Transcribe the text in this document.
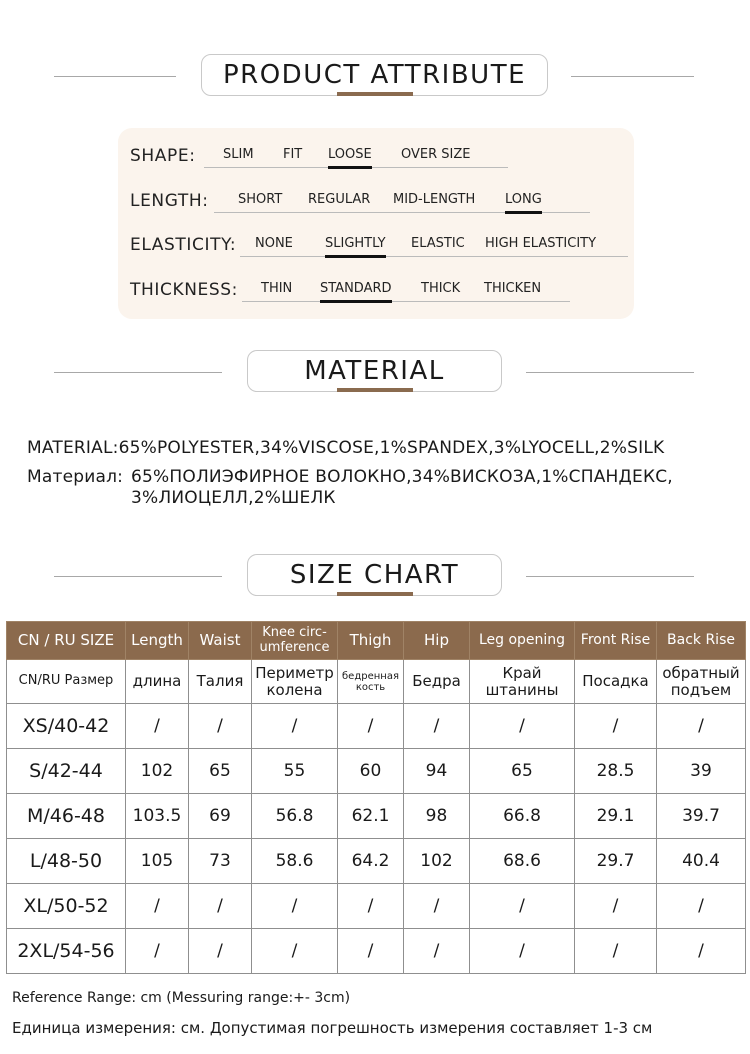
PRODUCT ATTRIBUTE
SHAPE: SLIM FIT LOOSE OVER SIZE
LENGTH: SHORT REGULAR MID-LENGTH LONG
ELASTICITY: NONE SLIGHTLY ELASTIC HIGH ELASTICITY
THICKNESS: THIN STANDARD THICK THICKEN
MATERIAL
MATERIAL:65%POLYESTER,34%VISCOSE,1%SPANDEX,3%LYOCELL,2%SILK
Материал: 65%ПОЛИЭФИРНОЕ ВОЛОКНО,34%ВИСКОЗА,1%СПАНДЕКС,
3%ЛИОЦЕЛЛ,2%ШЕЛК
SIZE CHART
CN / RU SIZE	Length	Waist	Knee circ-umference	Thigh	Hip	Leg opening	Front Rise	Back Rise
CN/RU Размер	длина	Талия	Периметр колена	бедренная кость	Бедра	Край штанины	Посадка	обратный подъем
XS/40-42	/	/	/	/	/	/	/	/
S/42-44	102	65	55	60	94	65	28.5	39
M/46-48	103.5	69	56.8	62.1	98	66.8	29.1	39.7
L/48-50	105	73	58.6	64.2	102	68.6	29.7	40.4
XL/50-52	/	/	/	/	/	/	/	/
2XL/54-56	/	/	/	/	/	/	/	/
Reference Range: cm (Messuring range:+- 3cm)
Единица измерения: см. Допустимая погрешность измерения составляет 1-3 см
